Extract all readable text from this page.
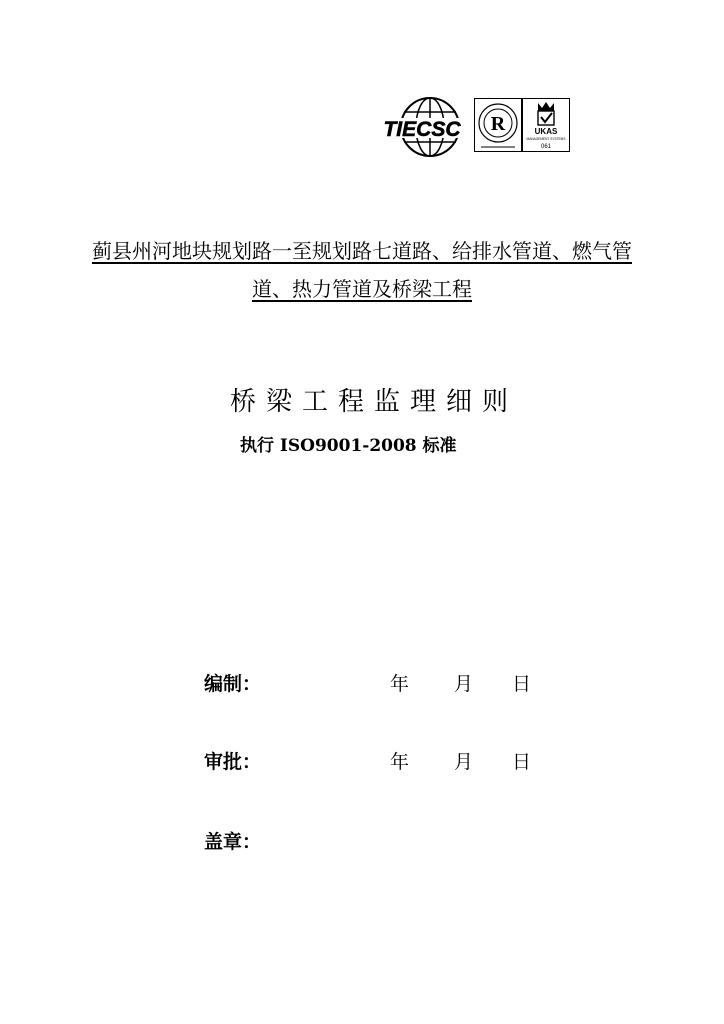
TIECSC R	UKAS
MANAGEMENT SYSTEMS
061
蓟县州河地块规划路一至规划路七道路、给排水管道、燃气管
道、热力管道及桥梁工程
桥梁工程监理细则
执行 ISO9001-2008 标准
编制：	年 月 日
审批：	年 月 日
盖章：
